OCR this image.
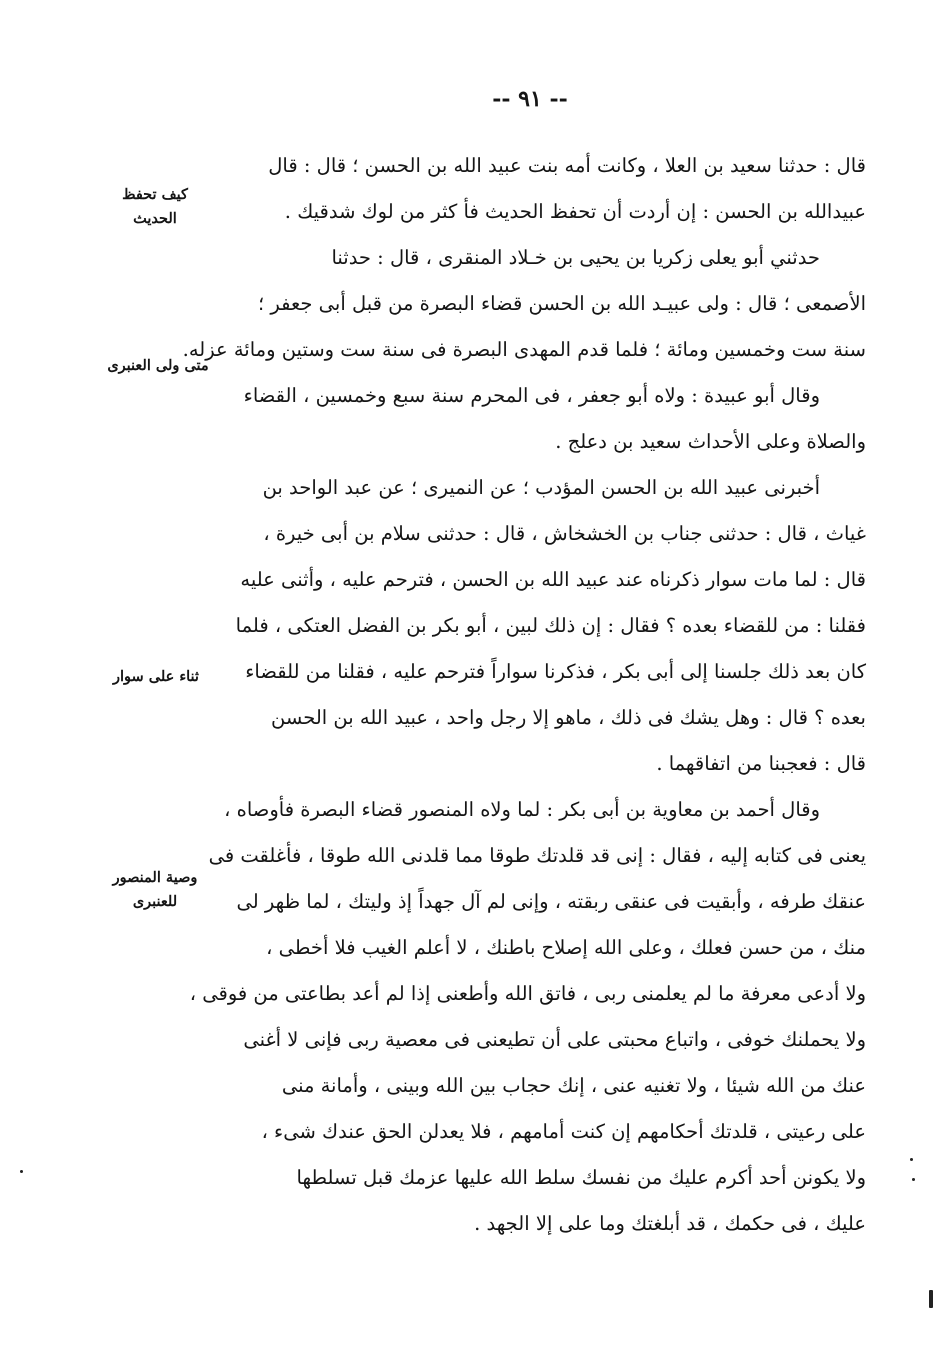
-- ٩١ --
قال : حدثنا سعيد بن العلا ، وكانت أمه بنت عبيد الله بن الحسن ؛ قال : قال
عبيدالله بن الحسن : إن أردت أن تحفظ الحديث فأ كثر من لوك شدقيك .
حدثني أبو يعلى زكريا بن يحيى بن خـلاد المنقرى ، قال : حدثنا
الأصمعى ؛ قال : ولى عبيـد الله بن الحسن قضاء البصرة من قبل أبى جعفر ؛
سنة ست وخمسين ومائة ؛ فلما قدم المهدى البصرة فى سنة ست وستين ومائة عزله.
وقال أبو عبيدة : ولاه أبو جعفر ، فى المحرم سنة سبع وخمسين ، القضاء
والصلاة وعلى الأحداث سعيد بن دعلج .
أخبرنى عبيد الله بن الحسن المؤدب ؛ عن النميرى ؛ عن عبد الواحد بن
غياث ، قال : حدثنى جناب بن الخشخاش ، قال : حدثنى سلام بن أبى خيرة ،
قال : لما مات سوار ذكرناه عند عبيد الله بن الحسن ، فترحم عليه ، وأثنى عليه
فقلنا : من للقضاء بعده ؟ فقال : إن ذلك لبين ، أبو بكر بن الفضل العتكى ، فلما
كان بعد ذلك جلسنا إلى أبى بكر ، فذكرنا سواراً فترحم عليه ، فقلنا من للقضاء
بعده ؟ قال : وهل يشك فى ذلك ، ماهو إلا رجل واحد ، عبيد الله بن الحسن
قال : فعجبنا من اتفاقهما .
وقال أحمد بن معاوية بن أبى بكر : لما ولاه المنصور قضاء البصرة فأوصاه ،
يعنى فى كتابه إليه ، فقال : إنى قد قلدتك طوقا مما قلدنى الله طوقا ، فأغلقت فى
عنقك طرفه ، وأبقيت فى عنقى ربقته ، وإنى لم آل جهداً إذ وليتك ، لما ظهر لى
منك ، من حسن فعلك ، وعلى الله إصلاح باطنك ، لا أعلم الغيب فلا أخطى ،
ولا أدعى معرفة ما لم يعلمنى ربى ، فاتق الله وأطعنى إذا لم أعد بطاعتى من فوقى ،
ولا يحملنك خوفى ، واتباع محبتى على أن تطيعنى فى معصية ربى فإنى لا أغنى
عنك من الله شيئا ، ولا تغنيه عنى ، إنك حجاب بين الله وبينى ، وأمانة منى
على رعيتى ، قلدتك أحكامهم إن كنت أمامهم ، فلا يعدلن الحق عندك شىء ،
ولا يكونن أحد أكرم عليك من نفسك سلط الله عليها عزمك قبل تسلطها
عليك ، فى حكمك ، قد أبلغتك وما على إلا الجهد .
كيف تحفظ الحديث
متى ولى العنبرى
ثناء على سوار
وصية المنصور للعنبرى
